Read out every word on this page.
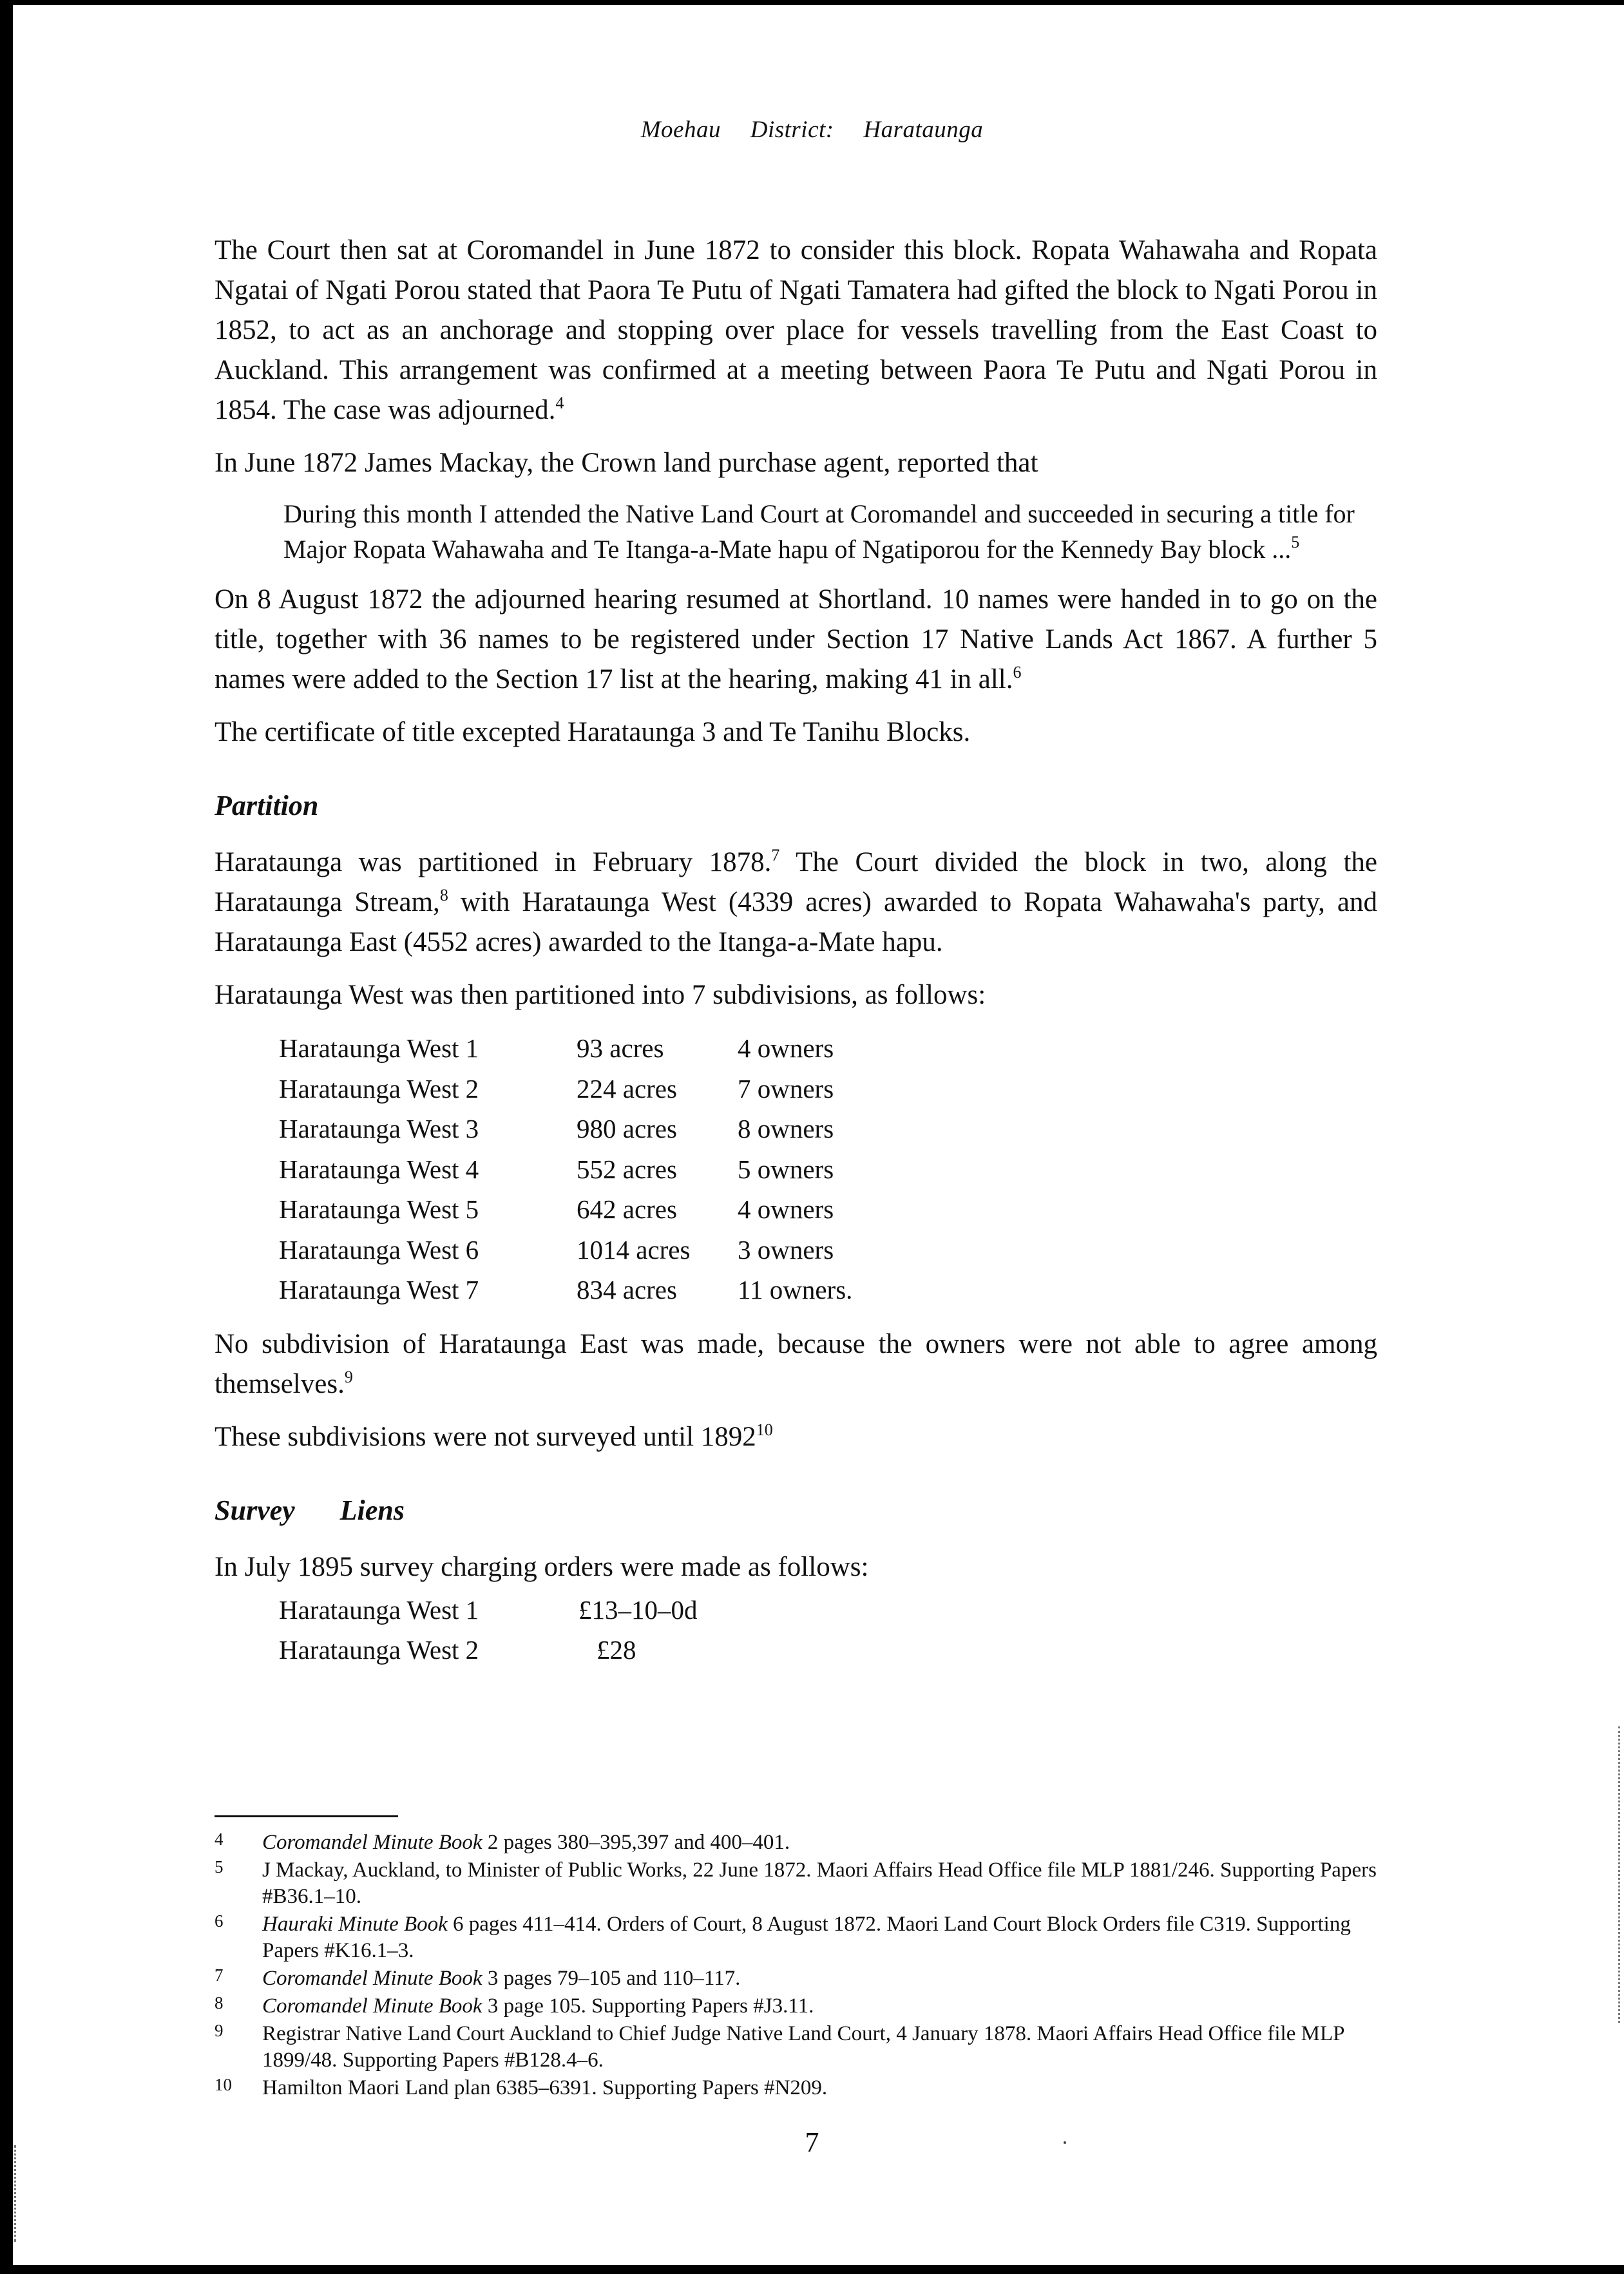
Moehau District: Harataunga

The Court then sat at Coromandel in June 1872 to consider this block. Ropata Wahawaha and Ropata Ngatai of Ngati Porou stated that Paora Te Putu of Ngati Tamatera had gifted the block to Ngati Porou in 1852, to act as an anchorage and stopping over place for vessels travelling from the East Coast to Auckland. This arrangement was confirmed at a meeting between Paora Te Putu and Ngati Porou in 1854. The case was adjourned.$^4$

In June 1872 James Mackay, the Crown land purchase agent, reported that

During this month I attended the Native Land Court at Coromandel and succeeded in securing a title for Major Ropata Wahawaha and Te Itanga-a-Mate hapu of Ngatiporou for the Kennedy Bay block ...$^5$

On 8 August 1872 the adjourned hearing resumed at Shortland. 10 names were handed in to go on the title, together with 36 names to be registered under Section 17 Native Lands Act 1867. A further 5 names were added to the Section 17 list at the hearing, making 41 in all.$^6$

The certificate of title excepted Harataunga 3 and Te Tanihu Blocks.

Partition

Harataunga was partitioned in February 1878.$^7$ The Court divided the block in two, along the Harataunga Stream,$^8$ with Harataunga West (4339 acres) awarded to Ropata Wahawaha's party, and Harataunga East (4552 acres) awarded to the Itanga-a-Mate hapu.

Harataunga West was then partitioned into 7 subdivisions, as follows:

Harataunga West 1	93 acres	4 owners
Harataunga West 2	224 acres	7 owners
Harataunga West 3	980 acres	8 owners
Harataunga West 4	552 acres	5 owners
Harataunga West 5	642 acres	4 owners
Harataunga West 6	1014 acres	3 owners
Harataunga West 7	834 acres	11 owners.

No subdivision of Harataunga East was made, because the owners were not able to agree among themselves.$^9$

These subdivisions were not surveyed until 1892$^{10}$

Survey Liens

In July 1895 survey charging orders were made as follows:

Harataunga West 1	£13–10–0d
Harataunga West 2	£28
4	Coromandel Minute Book 2 pages 380–395,397 and 400–401.
5	J Mackay, Auckland, to Minister of Public Works, 22 June 1872. Maori Affairs Head Office file MLP 1881/246. Supporting Papers #B36.1–10.
6	Hauraki Minute Book 6 pages 411–414. Orders of Court, 8 August 1872. Maori Land Court Block Orders file C319. Supporting Papers #K16.1–3.
7	Coromandel Minute Book 3 pages 79–105 and 110–117.
8	Coromandel Minute Book 3 page 105. Supporting Papers #J3.11.
9	Registrar Native Land Court Auckland to Chief Judge Native Land Court, 4 January 1878. Maori Affairs Head Office file MLP 1899/48. Supporting Papers #B128.4–6.
10	Hamilton Maori Land plan 6385–6391. Supporting Papers #N209.
7
